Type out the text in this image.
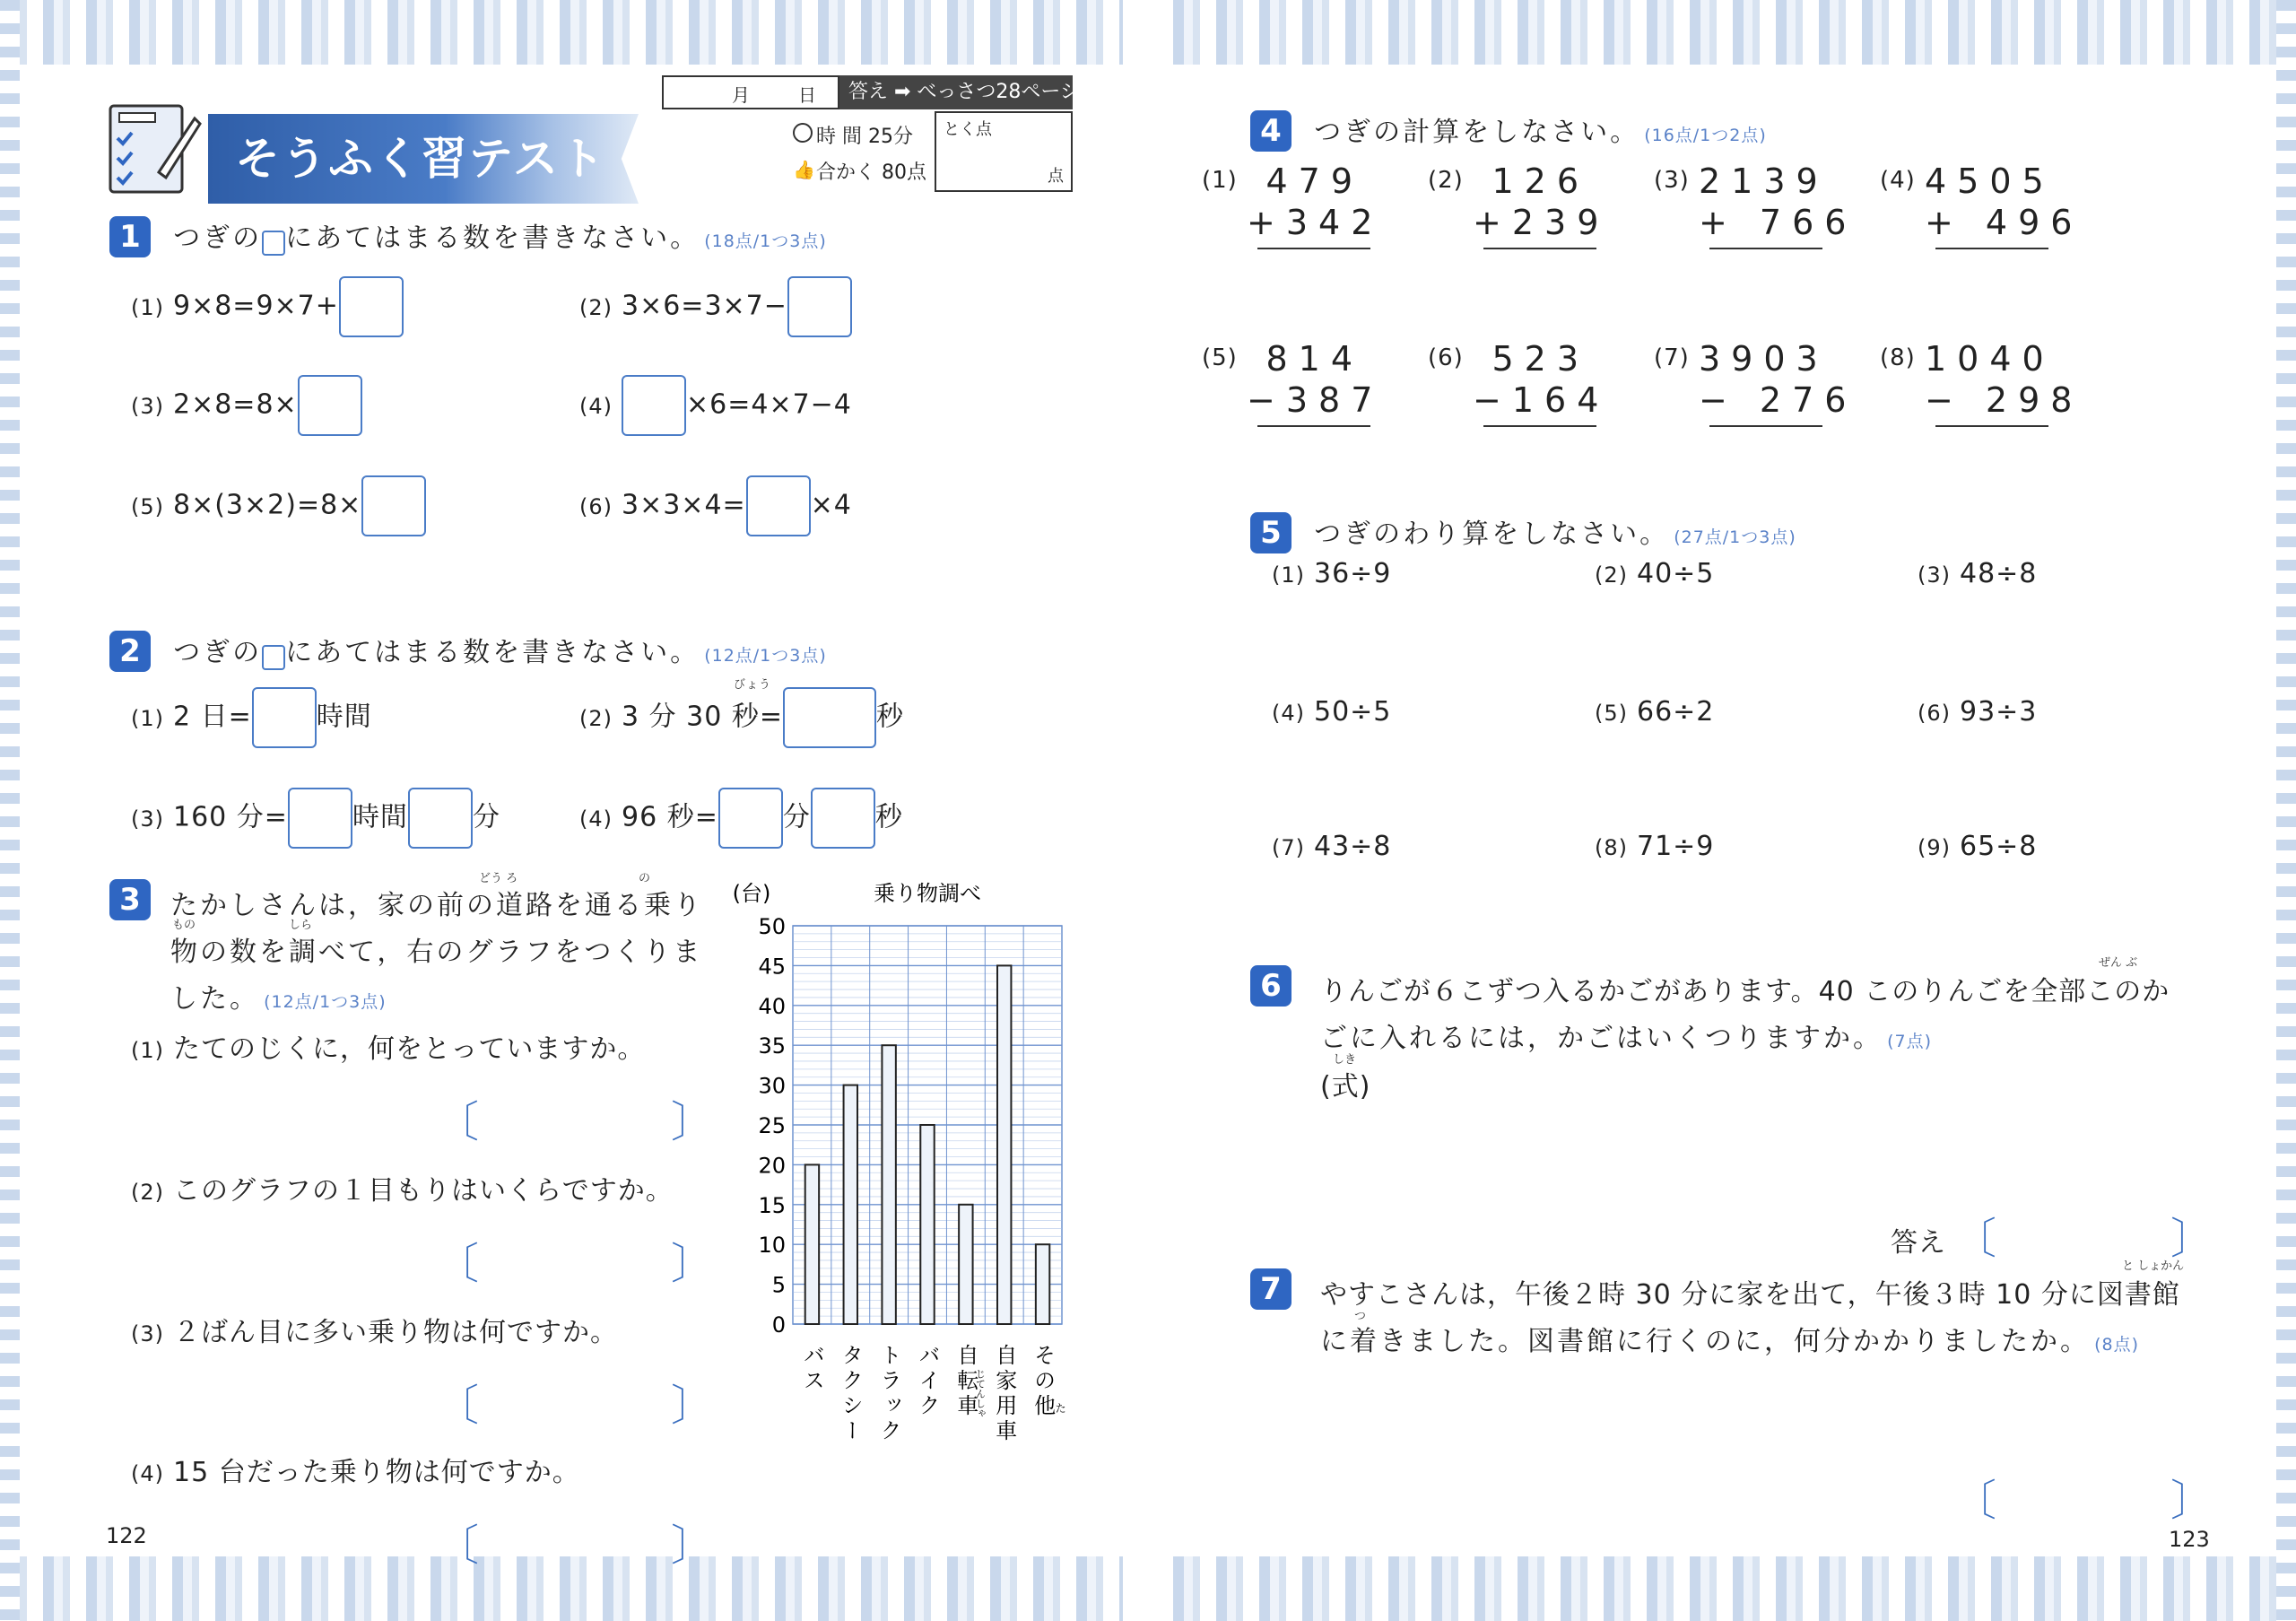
そうふく習テスト ①
月	日	答え ➡ べっさつ28ページ
時 間 25分
合かく 80点
👍
とく点
点
1 つぎの にあてはまる数を書きなさい。 (18点/1つ3点)
(1) 9×8=9×7+	(2) 3×6=3×7−
(3) 2×8=8×	(4)	×6=4×7−4
(5) 8×(3×2)=8×	(6) 3×3×4= ×4
2 つぎの にあてはまる数を書きなさい。 (12点/1つ3点)
(1) 2 日= 時間
びょう
(2) 3 分 30 秒=	秒
(3) 160 分= 時間 分	(4) 96 秒= 分 秒
3	たかしさんは，家の前の道路を通る乗り
どう ろ	の
物の数を調べて，右のグラフをつくりま
もの	しら
した。 (12点/1つ3点)
(1) たてのじくに，何をとっていますか。
〔	〕
(2) このグラフの１目もりはいくらですか。
〔	〕
(3) ２ばん目に多い乗り物は何ですか。
〔	〕
(4) 15 台だった乗り物は何ですか。
〔	〕
乗り物調べ
(台)
0
5
10
15
20
25
30
35
40
45
50
バス
タクシー
トラック
バイク
自転車
自家用車
その他
じてんしゃ	た
122
4 つぎの計算をしなさい。 (16点/1つ2点)
5 つぎのわり算をしなさい。 (27点/1つ3点)
6
ぜん ぶ
りんごが６こずつ入るかごがあります。40 このりんごを全部このか
ごに入れるには，かごはいくつりますか。 (7点)
しき
(式)
答え 〔	〕
7
と しょかん
やすこさんは，午後２時 30 分に家を出て，午後３時 10 分に図書館
つ
に着きました。図書館に行くのに，何分かかりましたか。 (8点)
〔	〕
123
(1) 479
+342
(2) 126
+239
(3) 2139
+ 766
(4) 4505
+ 496
(5) 814
−387
(6) 523
−164
(7) 3903
− 276
(8) 1040
− 298
(1) 36÷9	(2) 40÷5	(3) 48÷8
(4) 50÷5	(5) 66÷2	(6) 93÷3
(7) 43÷8	(8) 71÷9	(9) 65÷8
